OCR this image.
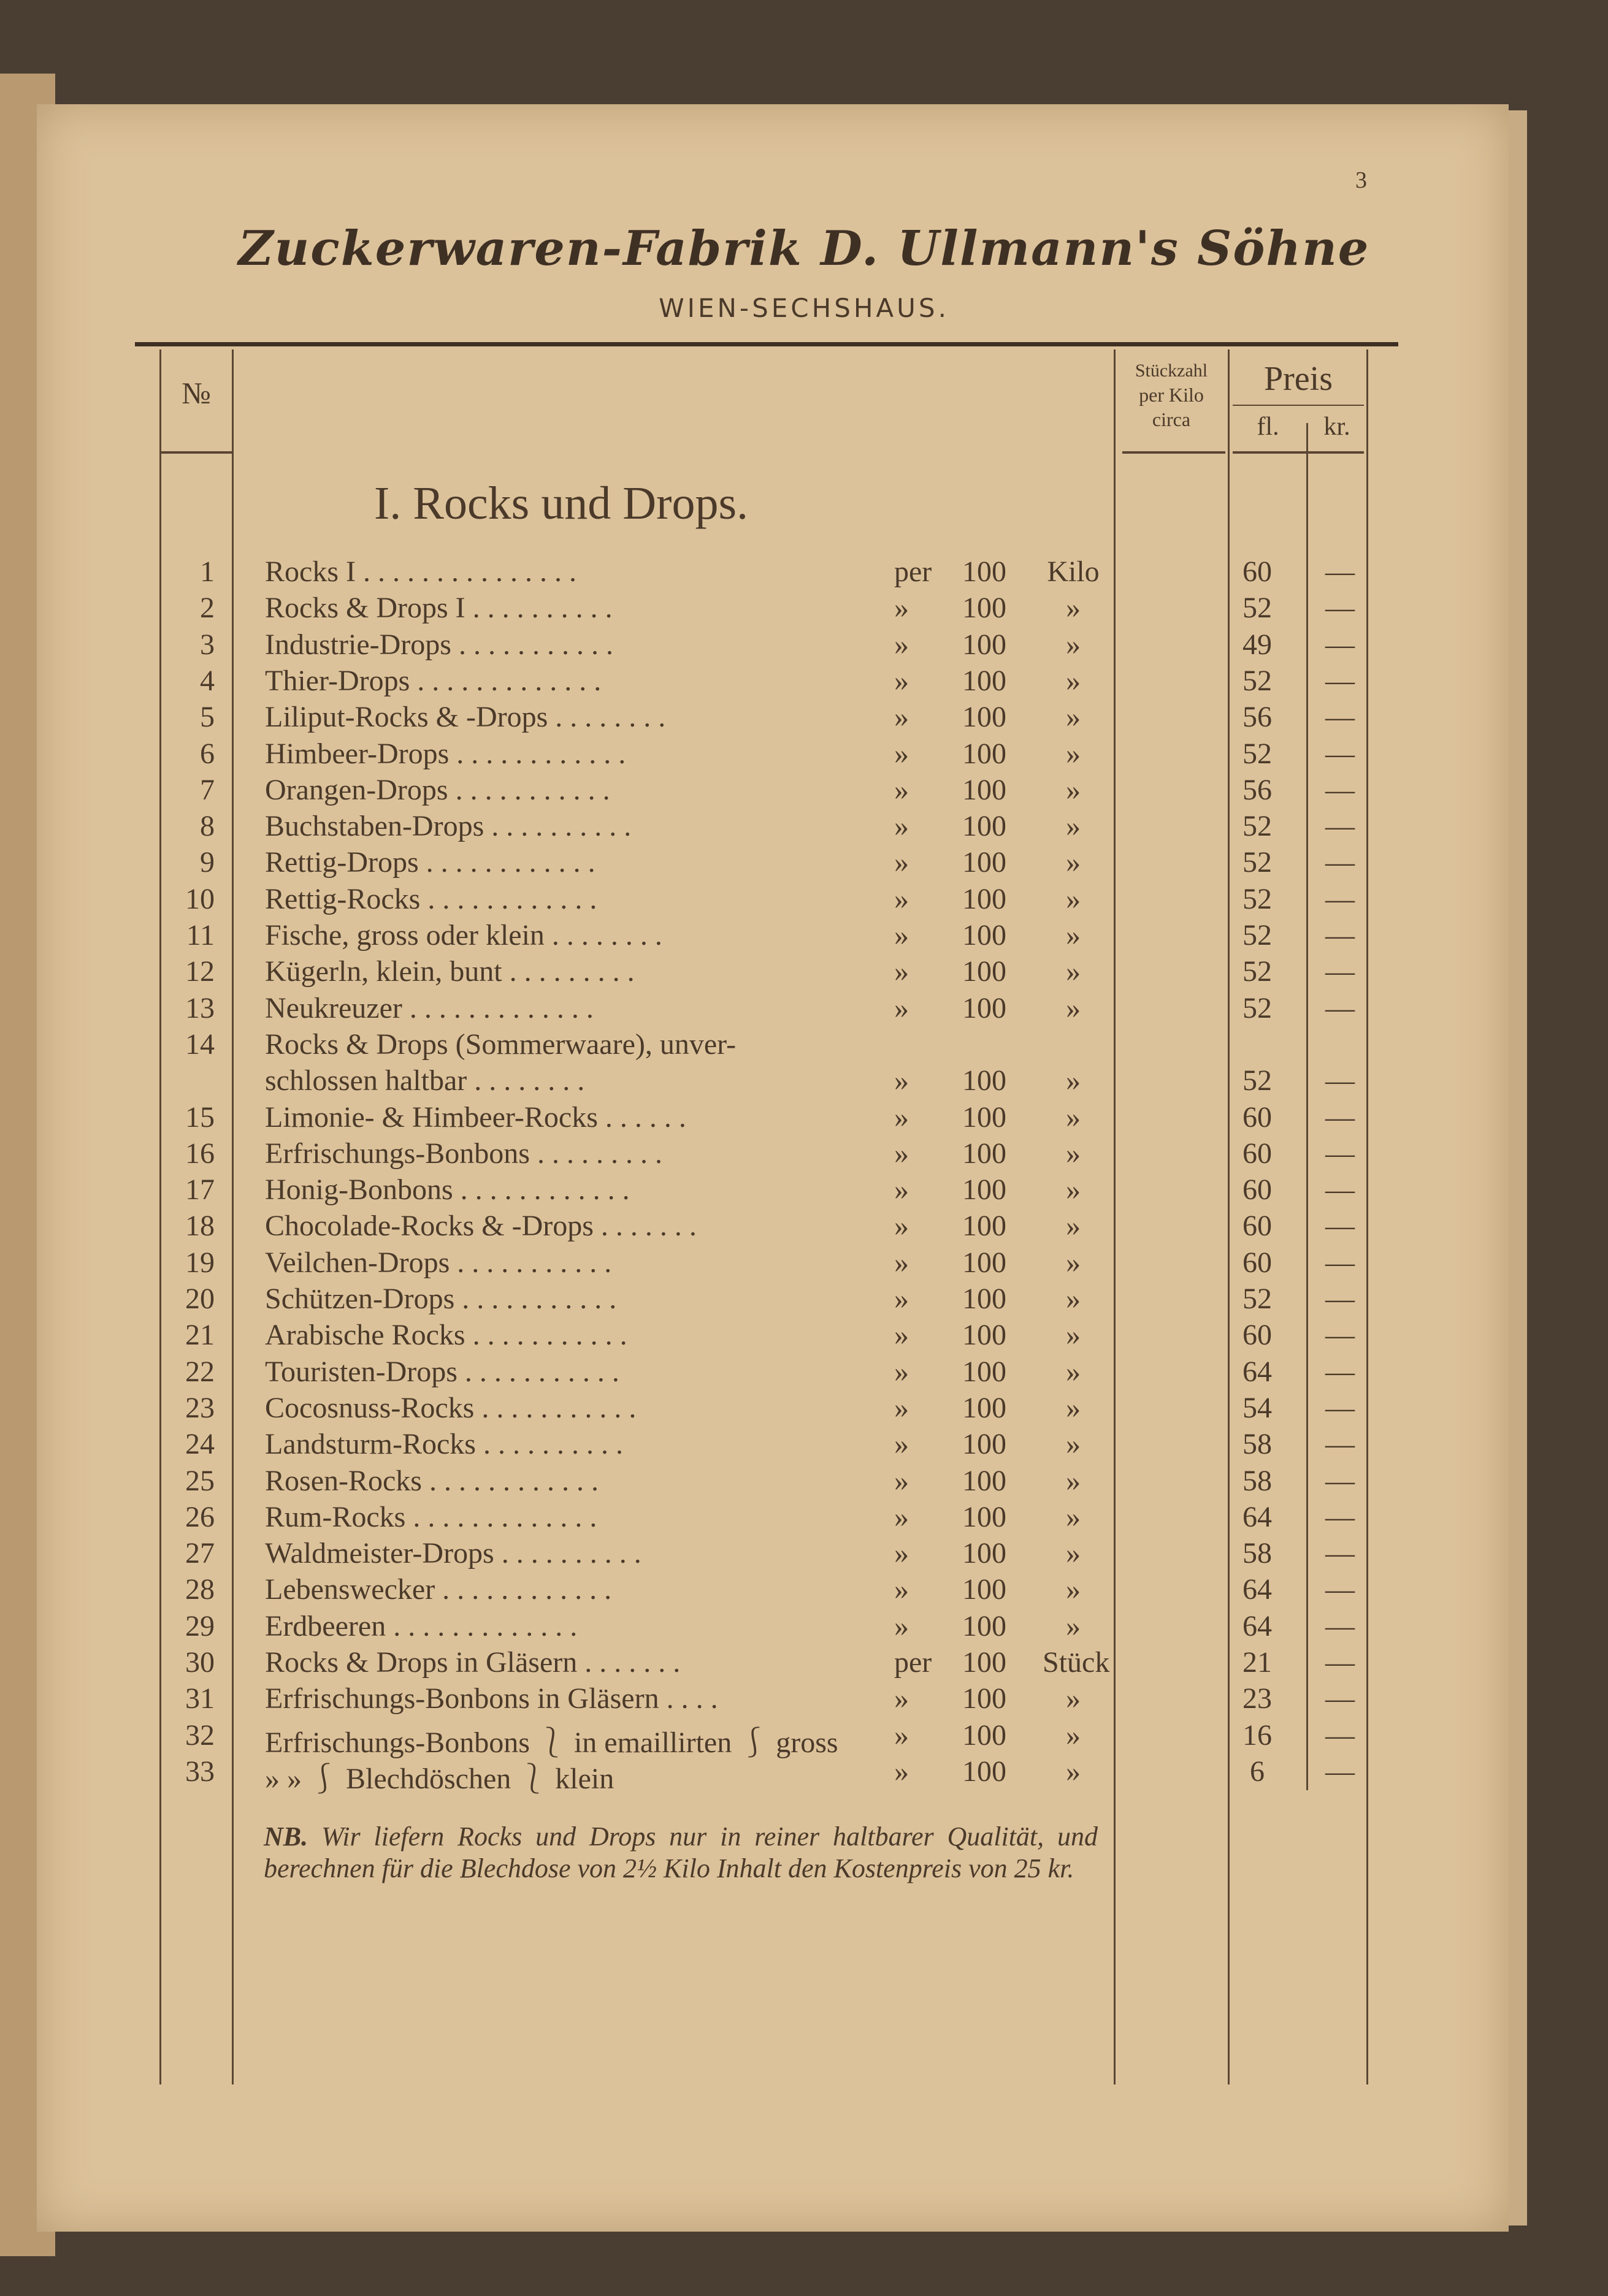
3
Zuckerwaren-Fabrik D. Ullmann's Söhne
WIEN-SECHSHAUS.
№
Stückzahl
per Kilo
circa
Preis
fl.	kr.
I. Rocks und Drops.
1 Rocks I . . . . . . . . . . . . . . .	per	100	Kilo	60	—
2 Rocks & Drops I . . . . . . . . . .	»	100	»	52	—
3 Industrie-Drops . . . . . . . . . . .	»	100	»	49	—
4 Thier-Drops . . . . . . . . . . . . .	»	100	»	52	—
5 Liliput-Rocks & -Drops . . . . . . . .	»	100	»	56	—
6 Himbeer-Drops . . . . . . . . . . . .	»	100	»	52	—
7 Orangen-Drops . . . . . . . . . . .	»	100	»	56	—
8 Buchstaben-Drops . . . . . . . . . .	»	100	»	52	—
9 Rettig-Drops . . . . . . . . . . . .	»	100	»	52	—
10 Rettig-Rocks . . . . . . . . . . . .	»	100	»	52	—
11 Fische, gross oder klein . . . . . . . .	»	100	»	52	—
12 Kügerln, klein, bunt . . . . . . . . .	»	100	»	52	—
13 Neukreuzer . . . . . . . . . . . . .	»	100	»	52	—
14 Rocks & Drops (Sommerwaare), unver-
schlossen haltbar . . . . . . . .	»	100	»	52	—
15 Limonie- & Himbeer-Rocks . . . . . .	»	100	»	60	—
16 Erfrischungs-Bonbons . . . . . . . . .	»	100	»	60	—
17 Honig-Bonbons . . . . . . . . . . . .	»	100	»	60	—
18 Chocolade-Rocks & -Drops . . . . . . .	»	100	»	60	—
19 Veilchen-Drops . . . . . . . . . . .	»	100	»	60	—
20 Schützen-Drops . . . . . . . . . . .	»	100	»	52	—
21 Arabische Rocks . . . . . . . . . . .	»	100	»	60	—
22 Touristen-Drops . . . . . . . . . . .	»	100	»	64	—
23 Cocosnuss-Rocks . . . . . . . . . . .	»	100	»	54	—
24 Landsturm-Rocks . . . . . . . . . .	»	100	»	58	—
25 Rosen-Rocks . . . . . . . . . . . .	»	100	»	58	—
26 Rum-Rocks . . . . . . . . . . . . .	»	100	»	64	—
27 Waldmeister-Drops . . . . . . . . . .	»	100	»	58	—
28 Lebenswecker . . . . . . . . . . . .	»	100	»	64	—
29 Erdbeeren . . . . . . . . . . . . .	»	100	»	64	—
30 Rocks & Drops in Gläsern . . . . . . .	per	100	Stück	21	—
31 Erfrischungs-Bonbons in Gläsern . . . .	»	100	»	23	—
32 Erfrischungs-Bonbons ⎱ in emaillirten ⎰ gross »	100	»	16	—
33 » » ⎰ Blechdöschen ⎱ klein	»	100	»	6	—
NB. Wir liefern Rocks und Drops nur in reiner haltbarer Qualität, und berechnen für die Blechdose von 2½ Kilo Inhalt den Kostenpreis von 25 kr.
